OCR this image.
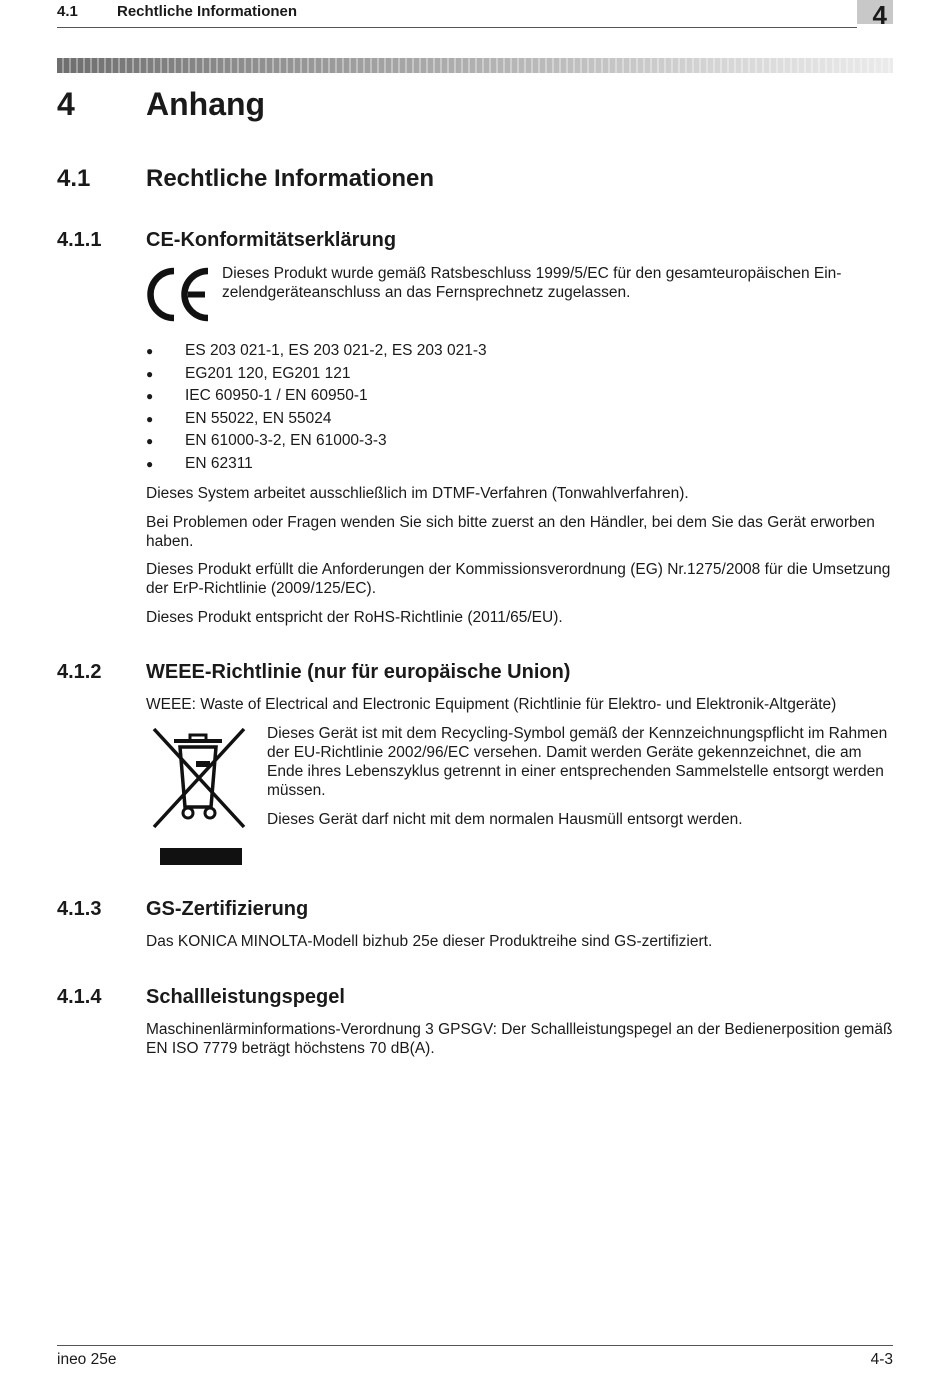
4.1	Rechtliche Informationen	4
4 Anhang
4.1 Rechtliche Informationen
4.1.1 CE-Konformitätserklärung
Dieses Produkt wurde gemäß Ratsbeschluss 1999/5/EC für den gesamteuropäischen Ein-
zelendgeräteanschluss an das Fernsprechnetz zugelassen.
● ES 203 021-1, ES 203 021-2, ES 203 021-3
● EG201 120, EG201 121
● IEC 60950-1 / EN 60950-1
● EN 55022, EN 55024
● EN 61000-3-2, EN 61000-3-3
● EN 62311
Dieses System arbeitet ausschließlich im DTMF-Verfahren (Tonwahlverfahren).
Bei Problemen oder Fragen wenden Sie sich bitte zuerst an den Händler, bei dem Sie das Gerät erworben
haben.
Dieses Produkt erfüllt die Anforderungen der Kommissionsverordnung (EG) Nr.1275/2008 für die Umsetzung
der ErP-Richtlinie (2009/125/EC).
Dieses Produkt entspricht der RoHS-Richtlinie (2011/65/EU).
4.1.2 WEEE-Richtlinie (nur für europäische Union)
WEEE: Waste of Electrical and Electronic Equipment (Richtlinie für Elektro- und Elektronik-Altgeräte)
Dieses Gerät ist mit dem Recycling-Symbol gemäß der Kennzeichnungspflicht im Rahmen
der EU-Richtlinie 2002/96/EC versehen. Damit werden Geräte gekennzeichnet, die am
Ende ihres Lebenszyklus getrennt in einer entsprechenden Sammelstelle entsorgt werden
müssen.
Dieses Gerät darf nicht mit dem normalen Hausmüll entsorgt werden.
4.1.3 GS-Zertifizierung
Das KONICA MINOLTA-Modell bizhub 25e dieser Produktreihe sind GS-zertifiziert.
4.1.4 Schallleistungspegel
Maschinenlärminformations-Verordnung 3 GPSGV: Der Schallleistungspegel an der Bedienerposition gemäß
EN ISO 7779 beträgt höchstens 70 dB(A).
ineo 25e	4-3
